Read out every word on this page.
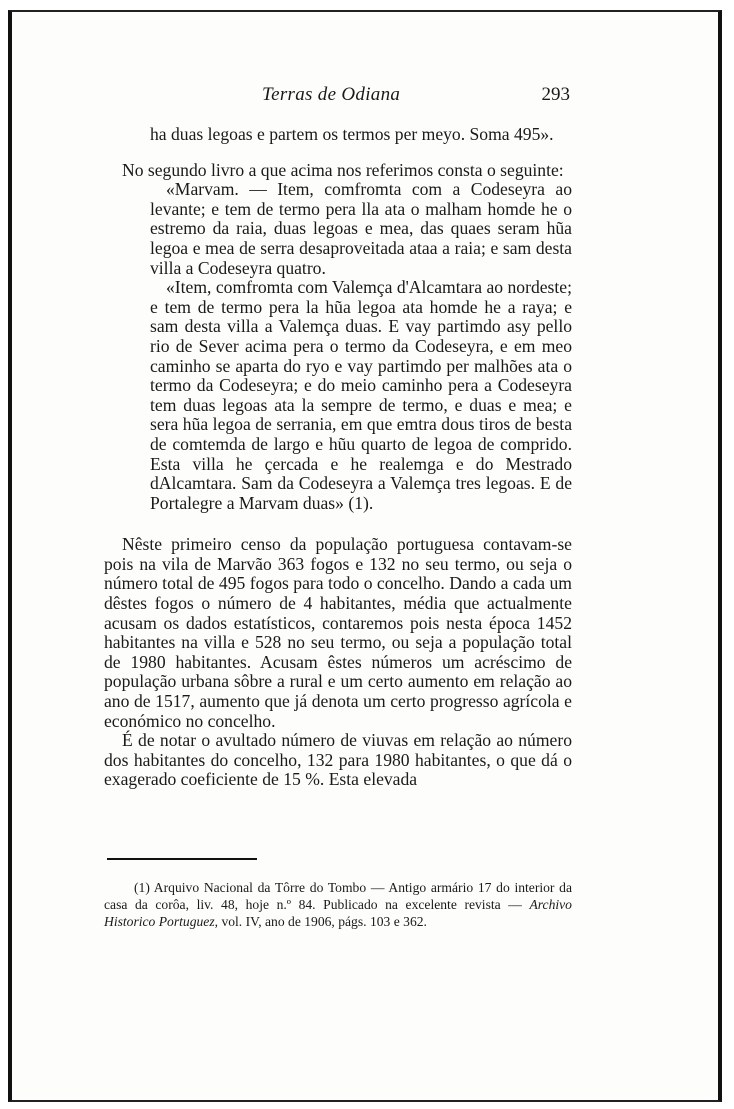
Terras de Odiana	293

ha duas legoas e partem os termos per meyo. Soma 495».

No segundo livro a que acima nos referimos consta o seguinte:

«Marvam. — Item, comfromta com a Codeseyra ao levante; e tem de termo pera lla ata o malham homde he o estremo da raia, duas legoas e mea, das quaes seram hũa legoa e mea de serra desaproveitada ataa a raia; e sam desta villa a Codeseyra quatro.

«Item, comfromta com Valemça d'Alcamtara ao nordeste; e tem de termo pera la hũa legoa ata homde he a raya; e sam desta villa a Valemça duas. E vay partimdo asy pello rio de Sever acima pera o termo da Codeseyra, e em meo caminho se aparta do ryo e vay partimdo per malhões ata o termo da Codeseyra; e do meio caminho pera a Codeseyra tem duas legoas ata la sempre de termo, e duas e mea; e sera hũa legoa de serrania, em que emtra dous tiros de besta de comtemda de largo e hũu quarto de legoa de comprido. Esta villa he çercada e he realemga e do Mestrado dAlcamtara. Sam da Codeseyra a Valemça tres legoas. E de Portalegre a Marvam duas» (1).

Nêste primeiro censo da população portuguesa contavam-se pois na vila de Marvão 363 fogos e 132 no seu termo, ou seja o número total de 495 fogos para todo o concelho. Dando a cada um dêstes fogos o número de 4 habitantes, média que actualmente acusam os dados estatísticos, contaremos pois nesta época 1452 habitantes na villa e 528 no seu termo, ou seja a população total de 1980 habitantes. Acusam êstes números um acréscimo de população urbana sôbre a rural e um certo aumento em relação ao ano de 1517, aumento que já denota um certo progresso agrícola e económico no concelho.

É de notar o avultado número de viuvas em relação ao número dos habitantes do concelho, 132 para 1980 habitantes, o que dá o exagerado coeficiente de 15 %. Esta elevada

(1) Arquivo Nacional da Tôrre do Tombo — Antigo armário 17 do interior da casa da corôa, liv. 48, hoje n.º 84. Publicado na excelente revista — Archivo Historico Portuguez, vol. IV, ano de 1906, págs. 103 e 362.
